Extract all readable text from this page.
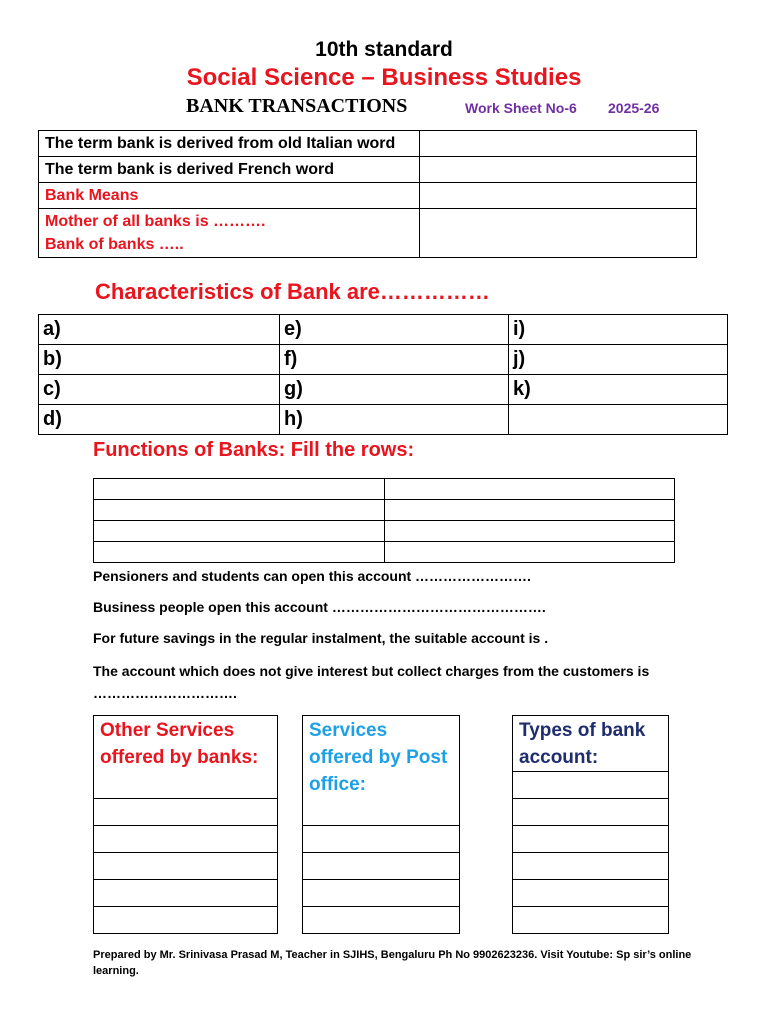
10th standard
Social Science – Business Studies
BANK TRANSACTIONS	Work Sheet No-6 2025-26
The term bank is derived from old Italian word	
The term bank is derived French word	
Bank Means	

Mother of all banks is ……….
Bank of banks …..	

Characteristics of Bank are……………
a)	e)	i)
b)	f)	j)
c)	g)	k)
d)	h)	
Functions of Banks: Fill the rows:

Pensioners and students can open this account …………………….
Business people open this account ……………………………………….
For future savings in the regular instalment, the suitable account is .
The account which does not give interest but collect charges from the customers is ………………………….
Other Services offered by banks:
Services offered by Post office:
Types of bank account:
Prepared by Mr. Srinivasa Prasad M, Teacher in SJIHS, Bengaluru Ph No 9902623236. Visit Youtube: Sp sir’s online learning.
